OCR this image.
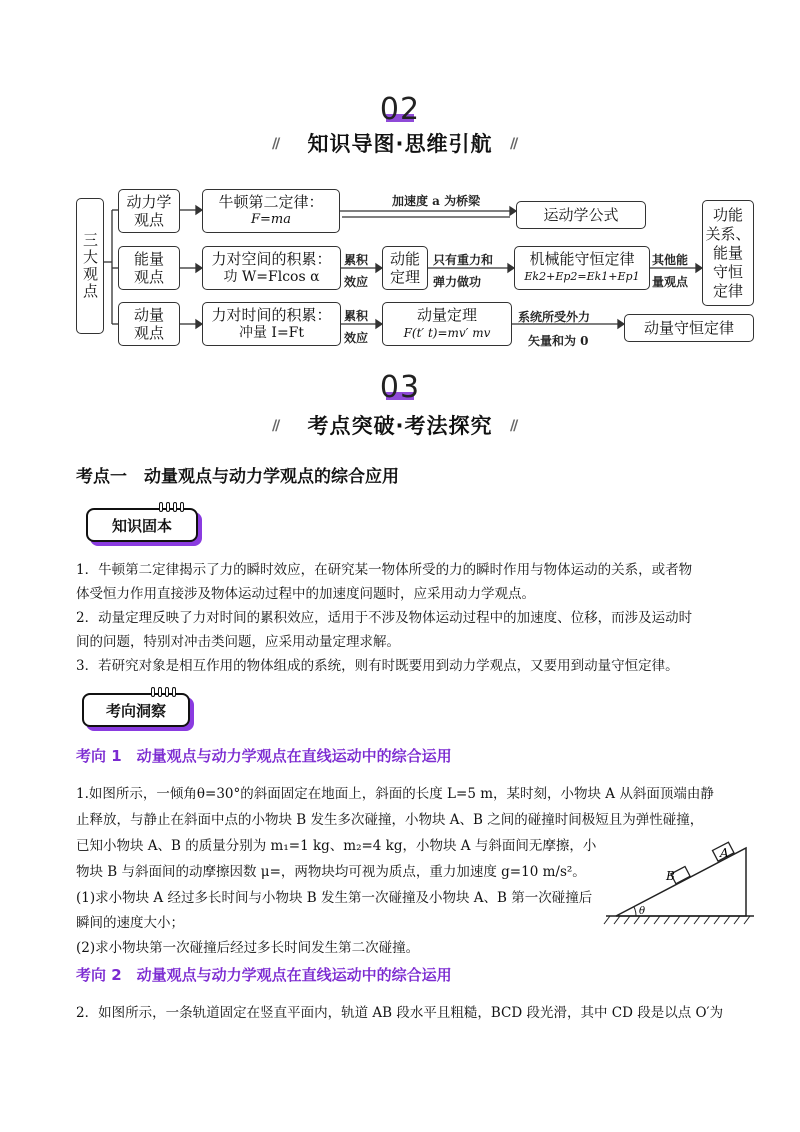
02
//	知识导图·思维引航	//
三大观点
动力学
观点
牛顿第二定律：
F=ma
加速度 a 为桥梁
运动学公式
能量
观点
力对空间的积累：
功 W=Flcos α
累积
效应
动能
定理
只有重力和
弹力做功
机械能守恒定律
Ek2+Ep2=Ek1+Ep1
其他能
量观点
功能
关系、
能量
守恒
定律
动量
观点
力对时间的积累：
冲量 I=Ft
累积
效应
动量定理
F(t′ t)=mv′ mv
系统所受外力
矢量和为 0
动量守恒定律
03
//	考点突破·考法探究	//
考点一　动量观点与动力学观点的综合应用
知识固本
1．牛顿第二定律揭示了力的瞬时效应，在研究某一物体所受的力的瞬时作用与物体运动的关系，或者物
体受恒力作用直接涉及物体运动过程中的加速度问题时，应采用动力学观点。
2．动量定理反映了力对时间的累积效应，适用于不涉及物体运动过程中的加速度、位移，而涉及运动时
间的问题，特别对冲击类问题，应采用动量定理求解。
3．若研究对象是相互作用的物体组成的系统，则有时既要用到动力学观点，又要用到动量守恒定律。
考向洞察
考向 1　动量观点与动力学观点在直线运动中的综合运用
1.如图所示，一倾角θ=30°的斜面固定在地面上，斜面的长度 L=5 m，某时刻，小物块 A 从斜面顶端由静
止释放，与静止在斜面中点的小物块 B 发生多次碰撞，小物块 A、B 之间的碰撞时间极短且为弹性碰撞，
已知小物块 A、B 的质量分别为 m₁=1 kg、m₂=4 kg，小物块 A 与斜面间无摩擦，小
物块 B 与斜面间的动摩擦因数 μ=，两物块均可视为质点，重力加速度 g=10 m/s²。
(1)求小物块 A 经过多长时间与小物块 B 发生第一次碰撞及小物块 A、B 第一次碰撞后
瞬间的速度大小；
(2)求小物块第一次碰撞后经过多长时间发生第二次碰撞。
A
B
θ
考向 2　动量观点与动力学观点在直线运动中的综合运用
2．如图所示，一条轨道固定在竖直平面内，轨道 AB 段水平且粗糙，BCD 段光滑，其中 CD 段是以点 O′为
